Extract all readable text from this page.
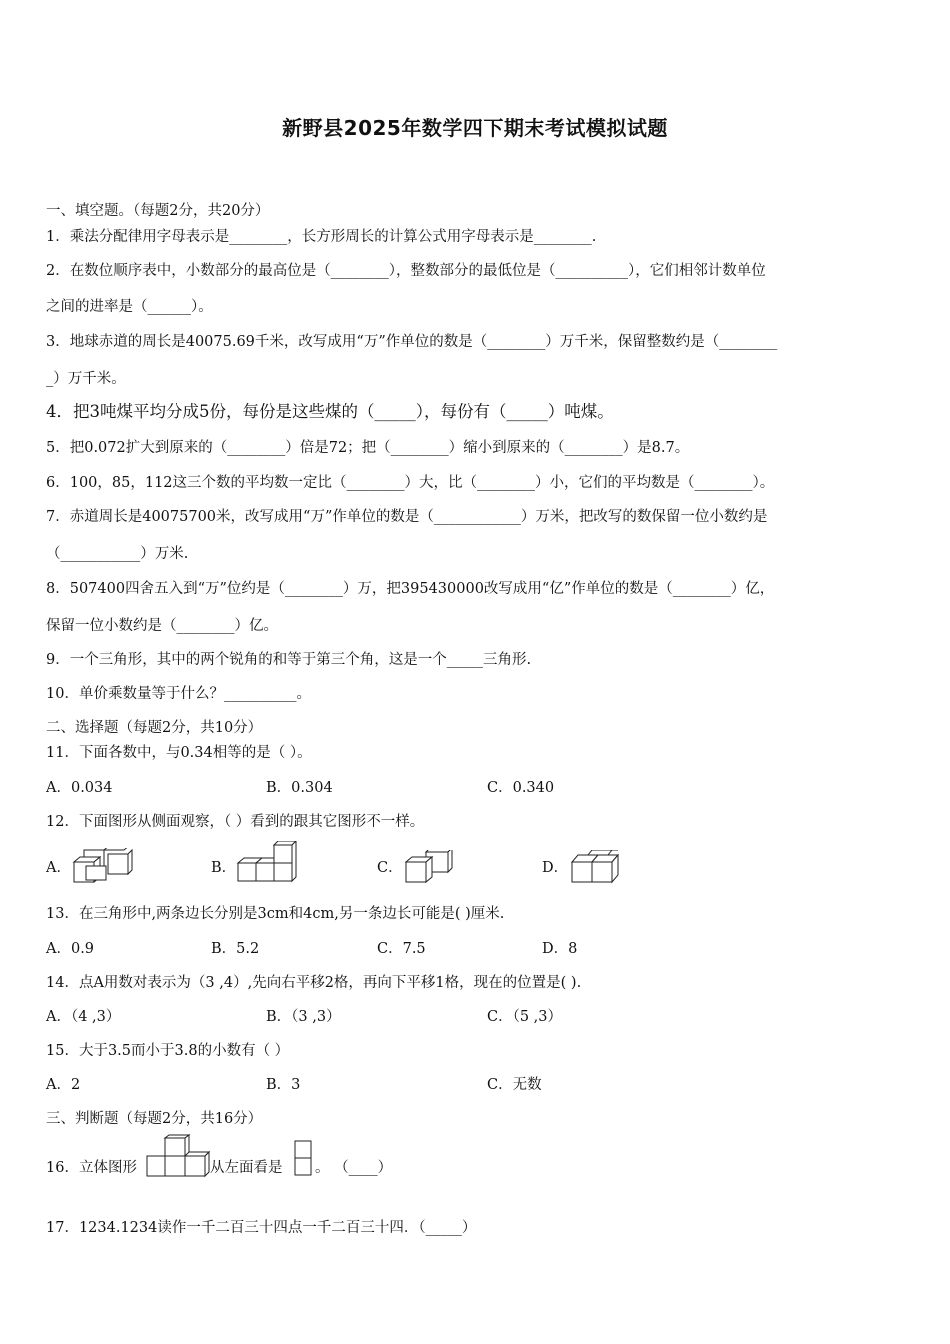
新野县2025年数学四下期末考试模拟试题
一、填空题。（每题2分，共20分）
1．乘法分配律用字母表示是________，长方形周长的计算公式用字母表示是________.
2．在数位顺序表中，小数部分的最高位是（________），整数部分的最低位是（__________），它们相邻计数单位
之间的进率是（______）。
3．地球赤道的周长是40075.69千米，改写成用“万”作单位的数是（________）万千米，保留整数约是（________
_）万千米。
4．把3吨煤平均分成5份，每份是这些煤的（_____），每份有（_____）吨煤。
5．把0.072扩大到原来的（________）倍是72；把（________）缩小到原来的（________）是8.7。
6．100，85，112这三个数的平均数一定比（________）大，比（________）小，它们的平均数是（________）。
7．赤道周长是40075700米，改写成用“万”作单位的数是（____________）万米，把改写的数保留一位小数约是
（___________）万米.
8．507400四舍五入到“万”位约是（________）万，把395430000改写成用“亿”作单位的数是（________）亿，
保留一位小数约是（________）亿。
9．一个三角形，其中的两个锐角的和等于第三个角，这是一个_____三角形.
10．单价乘数量等于什么？__________。
二、选择题（每题2分，共10分）
11．下面各数中，与0.34相等的是（ ）。
A．0.034	B．0.304	C．0.340
12．下面图形从侧面观察，（ ）看到的跟其它图形不一样。
A．	B．	C．	D．
13．在三角形中,两条边长分别是3cm和4cm,另一条边长可能是( )厘米.
A．0.9	B．5.2	C．7.5	D．8
14．点A用数对表示为（3 ,4）,先向右平移2格，再向下平移1格，现在的位置是( ).
A．（4 ,3）	B．（3 ,3）	C．（5 ,3）
15．大于3.5而小于3.8的小数有（ ）
A．2	B．3	C．无数
三、判断题（每题2分，共16分）
16．立体图形	从左面看是 。 （____）
17．1234.1234读作一千二百三十四点一千二百三十四．（_____）
